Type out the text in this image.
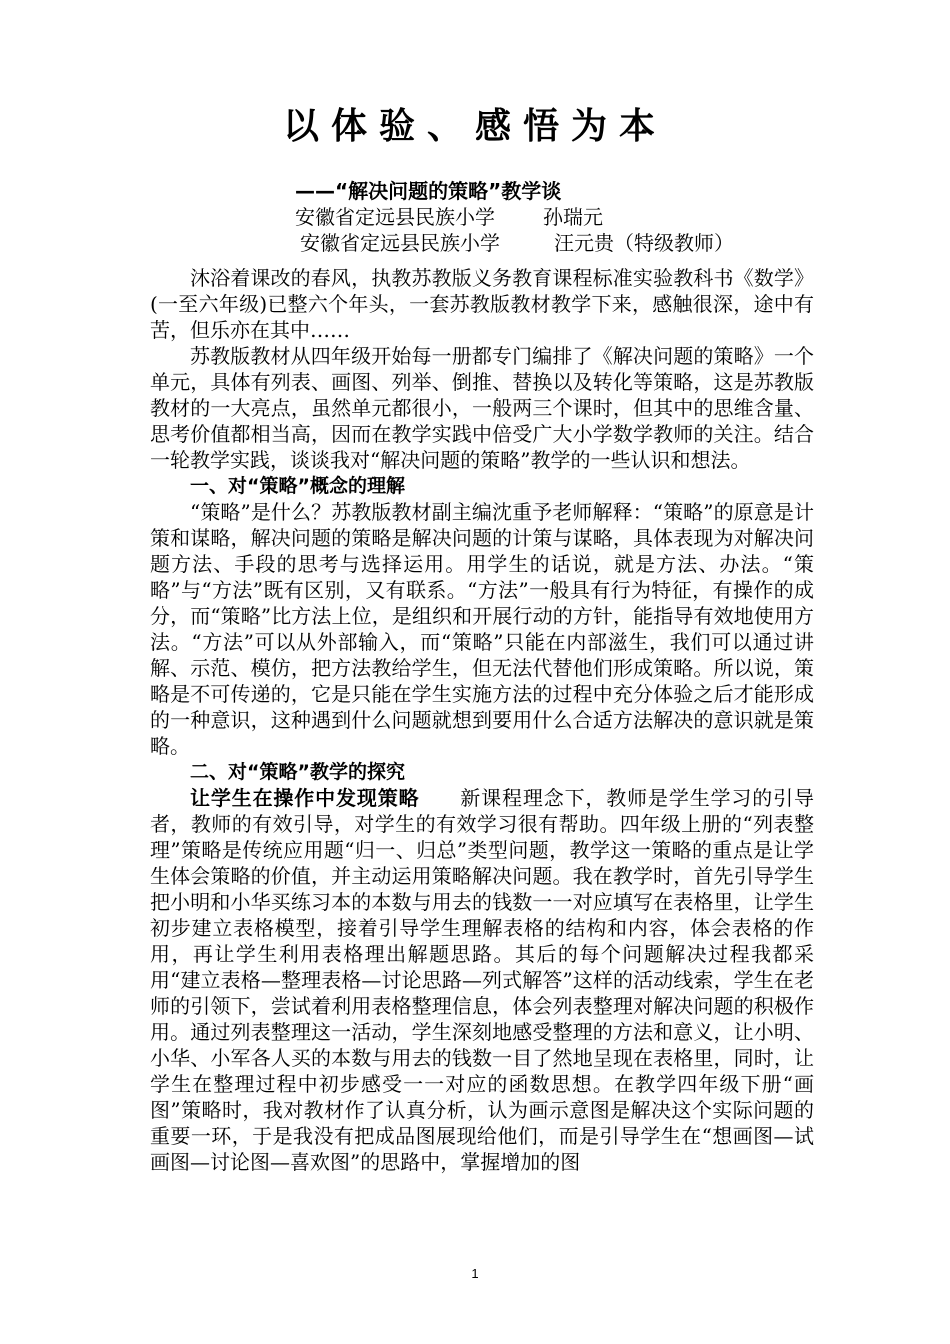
以体验、感悟为本
——“解决问题的策略”教学谈
安徽省定远县民族小学 孙瑞元
安徽省定远县民族小学	汪元贵（特级教师）

沐浴着课改的春风，执教苏教版义务教育课程标准实验教科书《数学》(一至六年级)已整六个年头，一套苏教版教材教学下来，感触很深，途中有苦，但乐亦在其中……

苏教版教材从四年级开始每一册都专门编排了《解决问题的策略》一个单元，具体有列表、画图、列举、倒推、替换以及转化等策略，这是苏教版教材的一大亮点，虽然单元都很小，一般两三个课时，但其中的思维含量、思考价值都相当高，因而在教学实践中倍受广大小学数学教师的关注。结合一轮教学实践，谈谈我对“解决问题的策略”教学的一些认识和想法。

一、对“策略”概念的理解

“策略”是什么？苏教版教材副主编沈重予老师解释：“策略”的原意是计策和谋略，解决问题的策略是解决问题的计策与谋略，具体表现为对解决问题方法、手段的思考与选择运用。用学生的话说，就是方法、办法。“策略”与“方法”既有区别，又有联系。“方法”一般具有行为特征，有操作的成分，而“策略”比方法上位，是组织和开展行动的方针，能指导有效地使用方法。“方法”可以从外部输入，而“策略”只能在内部滋生，我们可以通过讲解、示范、模仿，把方法教给学生，但无法代替他们形成策略。所以说，策略是不可传递的，它是只能在学生实施方法的过程中充分体验之后才能形成的一种意识，这种遇到什么问题就想到要用什么合适方法解决的意识就是策略。

二、对“策略”教学的探究

让学生在操作中发现策略 新课程理念下，教师是学生学习的引导者，教师的有效引导，对学生的有效学习很有帮助。四年级上册的“列表整理”策略是传统应用题“归一、归总”类型问题，教学这一策略的重点是让学生体会策略的价值，并主动运用策略解决问题。我在教学时，首先引导学生把小明和小华买练习本的本数与用去的钱数一一对应填写在表格里，让学生初步建立表格模型，接着引导学生理解表格的结构和内容，体会表格的作用，再让学生利用表格理出解题思路。其后的每个问题解决过程我都采用“建立表格—整理表格—讨论思路—列式解答”这样的活动线索，学生在老师的引领下，尝试着利用表格整理信息，体会列表整理对解决问题的积极作用。通过列表整理这一活动，学生深刻地感受整理的方法和意义，让小明、小华、小军各人买的本数与用去的钱数一目了然地呈现在表格里，同时，让学生在整理过程中初步感受一一对应的函数思想。在教学四年级下册“画图”策略时，我对教材作了认真分析，认为画示意图是解决这个实际问题的重要一环，于是我没有把成品图展现给他们，而是引导学生在“想画图—试画图—讨论图—喜欢图”的思路中，掌握增加的图

1
